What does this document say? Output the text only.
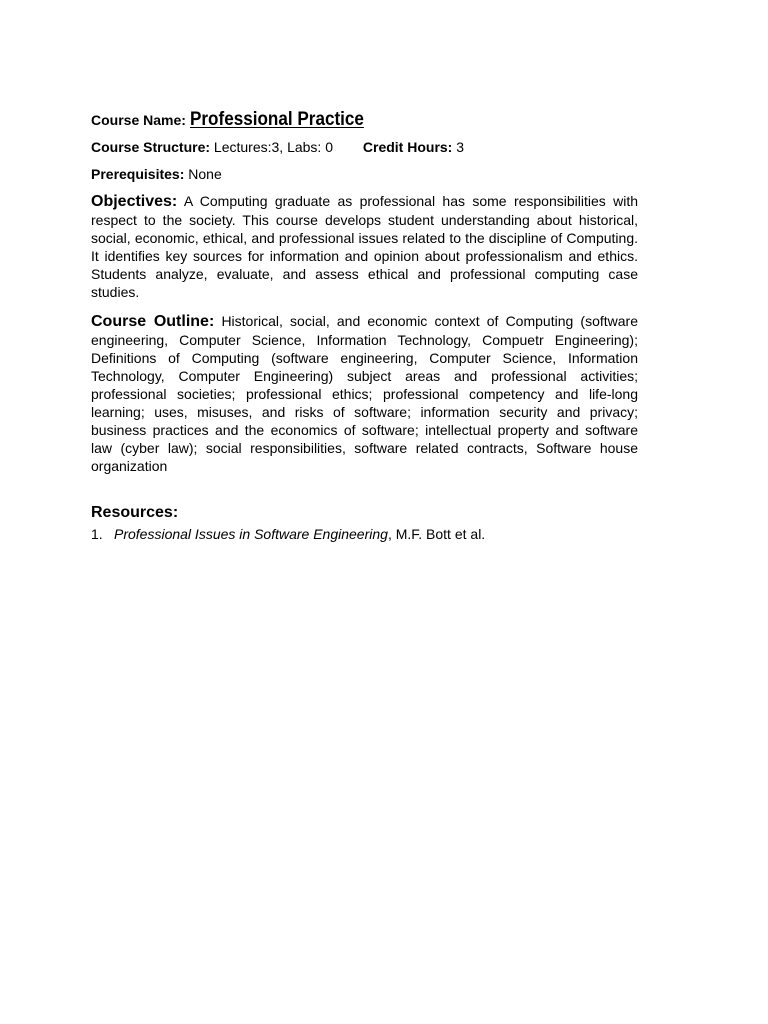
Course Name: Professional Practice

Course Structure: Lectures:3, Labs: 0 Credit Hours: 3

Prerequisites: None

Objectives: A Computing graduate as professional has some responsibilities with respect to the society. This course develops student understanding about historical, social, economic, ethical, and professional issues related to the discipline of Computing. It identifies key sources for information and opinion about professionalism and ethics. Students analyze, evaluate, and assess ethical and professional computing case studies.

Course Outline: Historical, social, and economic context of Computing (software engineering, Computer Science, Information Technology, Compuetr Engineering); Definitions of Computing (software engineering, Computer Science, Information Technology, Computer Engineering) subject areas and professional activities; professional societies; professional ethics; professional competency and life-long learning; uses, misuses, and risks of software; information security and privacy; business practices and the economics of software; intellectual property and software law (cyber law); social responsibilities, software related contracts, Software house organization

Resources:

1. Professional Issues in Software Engineering, M.F. Bott et al.
